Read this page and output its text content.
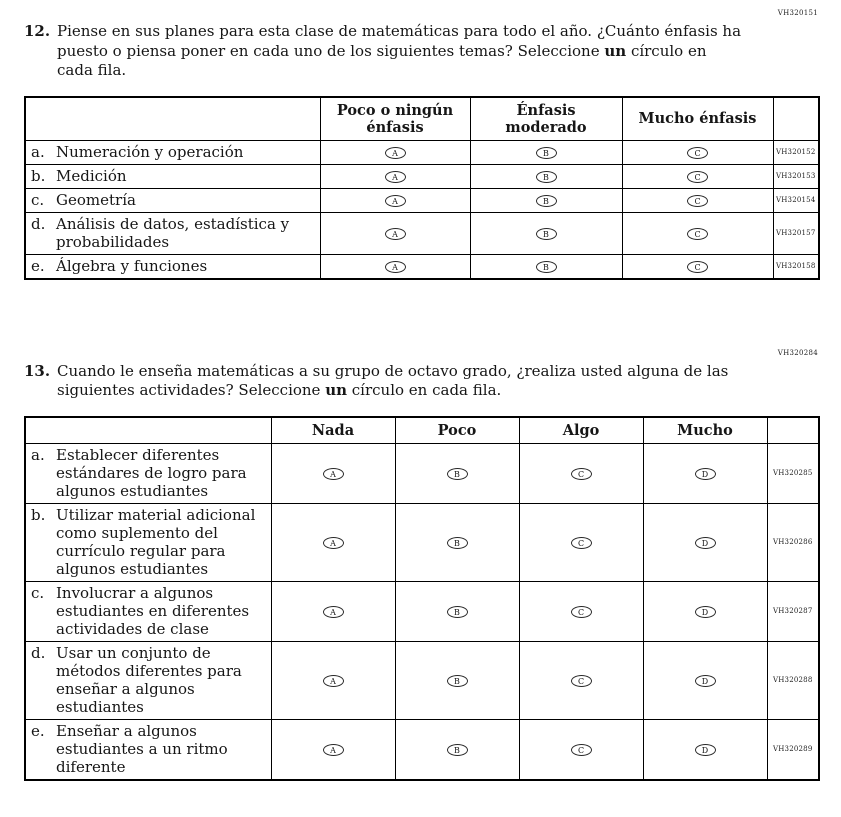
VH320151
12. Piense en sus planes para esta clase de matemáticas para todo el año. ¿Cuánto énfasis ha puesto o piensa poner en cada uno de los siguientes temas? Seleccione un círculo en cada fila.
	Poco o ningún énfasis	Énfasis moderado	Mucho énfasis	

a. Numeración y operación	A	B	C	VH320152

b. Medición	A	B	C	VH320153

c. Geometría	A	B	C	VH320154

d. Análisis de datos, estadística y probabilidades	A	B	C	VH320157

e. Álgebra y funciones	A	B	C	VH320158
VH320284
13. Cuando le enseña matemáticas a su grupo de octavo grado, ¿realiza usted alguna de las siguientes actividades? Seleccione un círculo en cada fila.
	Nada	Poco	Algo	Mucho	

a. Establecer diferentes estándares de logro para algunos estudiantes	A	B	C	D	VH320285

b. Utilizar material adicional como suplemento del currículo regular para algunos estudiantes	A	B	C	D	VH320286

c. Involucrar a algunos estudiantes en diferentes actividades de clase	A	B	C	D	VH320287

d. Usar un conjunto de métodos diferentes para enseñar a algunos estudiantes	A	B	C	D	VH320288

e. Enseñar a algunos estudiantes a un ritmo diferente	A	B	C	D	VH320289
